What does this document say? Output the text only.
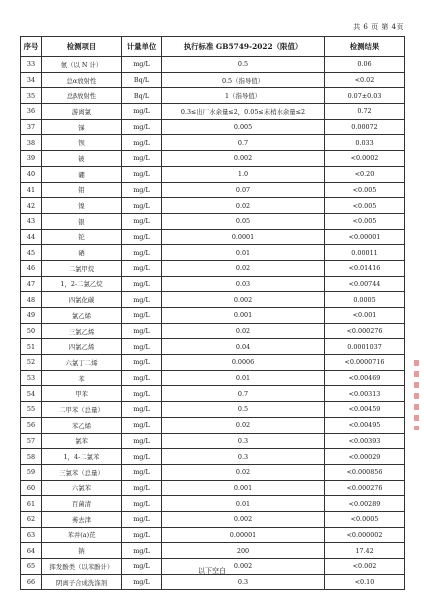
共 6 页 第 4页
序号	检测项目	计量单位	执行标准 GB5749-2022（限值）	检测结果
33	氨（以 N 计）	mg/L	0.5	0.06
34	总α放射性	Bq/L	0.5（指导值）	<0.02
35	总β放射性	Bq/L	1（指导值）	0.07±0.03
36	游离氯	mg/L	0.3≤出厂水余量≤2，0.05≤末梢水余量≤2	0.72
37	锑	mg/L	0.005	0.00072
38	钡	mg/L	0.7	0.033
39	铍	mg/L	0.002	<0.0002
40	硼	mg/L	1.0	<0.20
41	钼	mg/L	0.07	<0.005
42	镍	mg/L	0.02	<0.005
43	银	mg/L	0.05	<0.005
44	铊	mg/L	0.0001	<0.00001
45	硒	mg/L	0.01	0.00011
46	二氯甲烷	mg/L	0.02	<0.01416
47	1，2-二氯乙烷	mg/L	0.03	<0.00744
48	四氯化碳	mg/L	0.002	0.0005
49	氯乙烯	mg/L	0.001	<0.001
50	三氯乙烯	mg/L	0.02	<0.000276
51	四氯乙烯	mg/L	0.04	0.0001037
52	六氯丁二烯	mg/L	0.0006	<0.0000716
53	苯	mg/L	0.01	<0.00469
54	甲苯	mg/L	0.7	<0.00313
55	二甲苯（总量）	mg/L	0.5	<0.00459
56	苯乙烯	mg/L	0.02	<0.00495
57	氯苯	mg/L	0.3	<0.00393
58	1，4-二氯苯	mg/L	0.3	<0.00029
59	三氯苯（总量）	mg/L	0.02	<0.000856
60	六氯苯	mg/L	0.001	<0.000276
61	百菌清	mg/L	0.01	<0.00289
62	莠去津	mg/L	0.002	<0.0005
63	苯并(a)芘	mg/L	0.00001	<0.000002
64	钠	mg/L	200	17.42
65	挥发酚类（以苯酚计）	mg/L	0.002	<0.002
66	阴离子合成洗涤剂	mg/L	0.3	<0.10
以下空白
